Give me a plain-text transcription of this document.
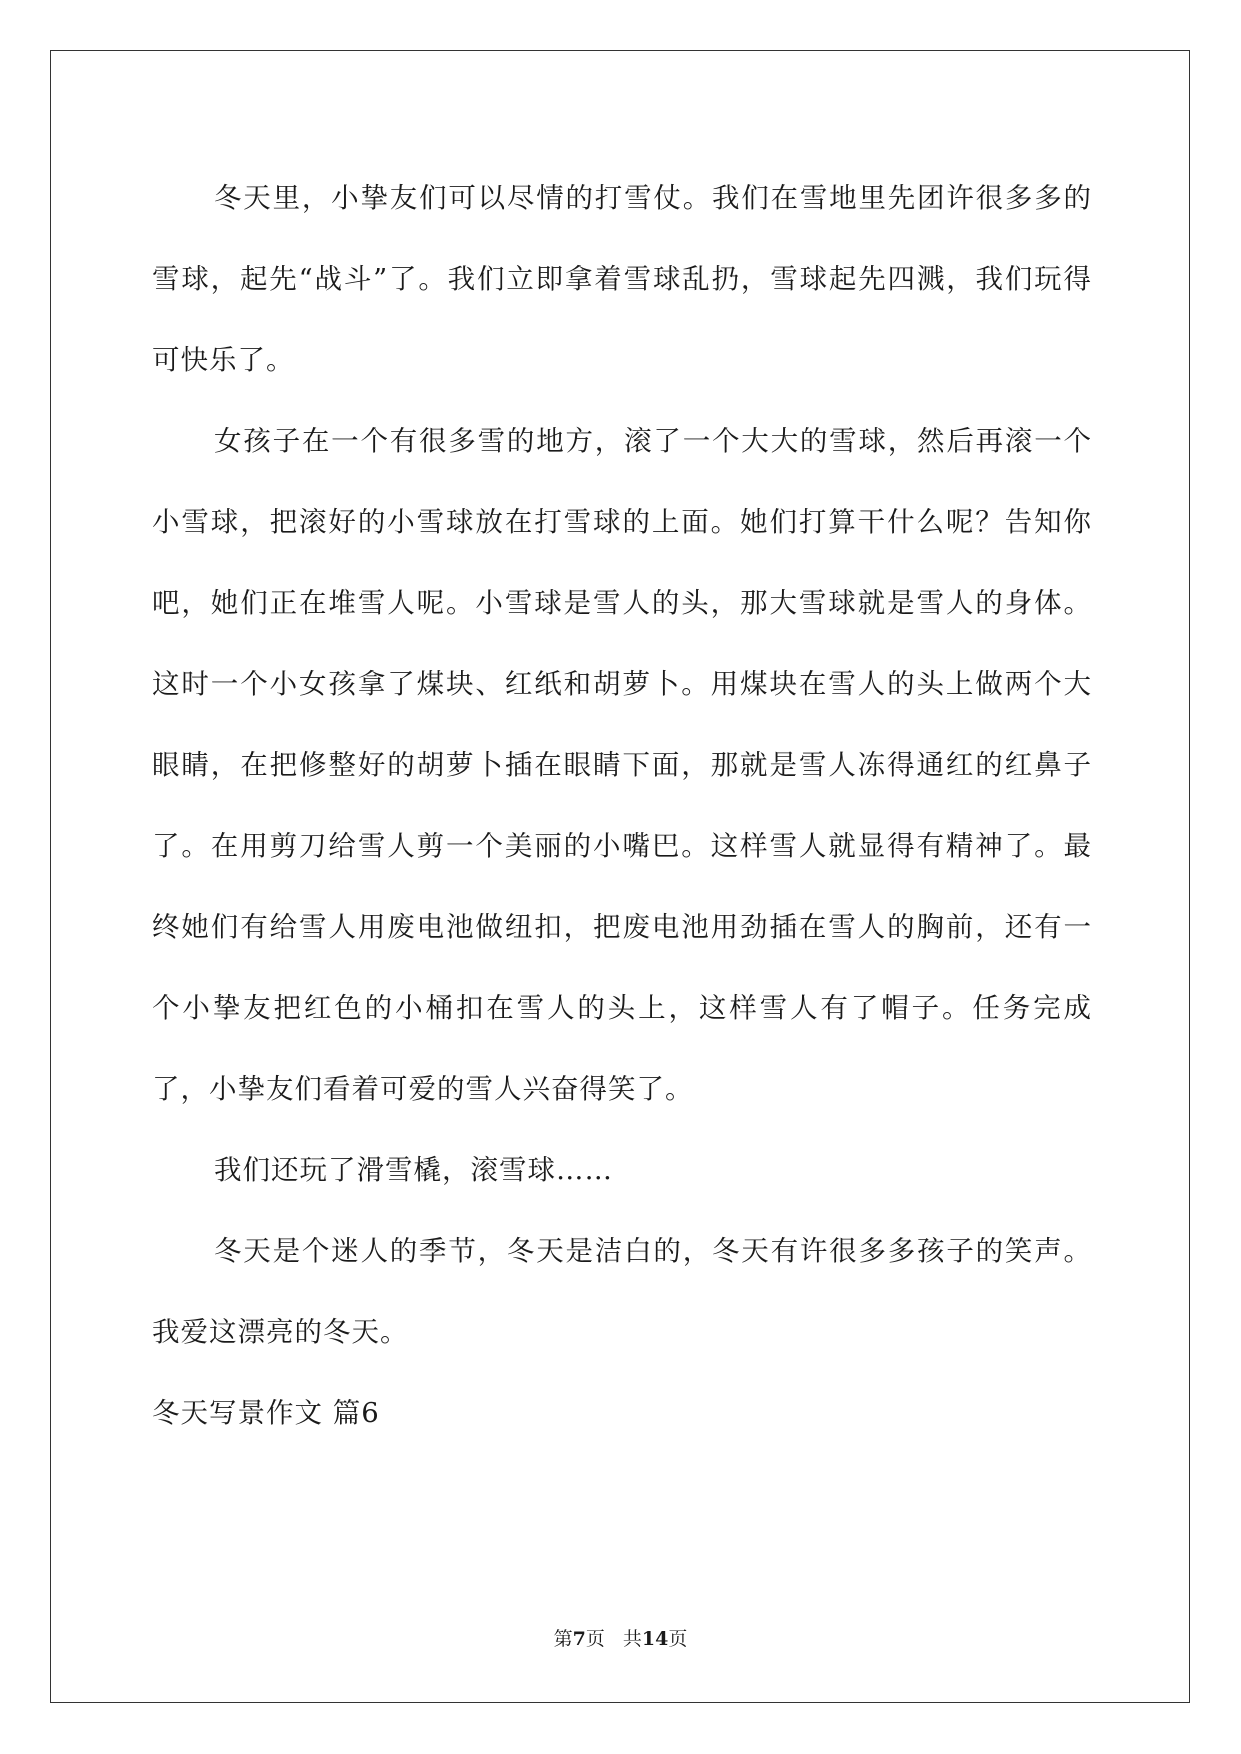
冬天里，小挚友们可以尽情的打雪仗。我们在雪地里先团许很多多的雪球，起先“战斗”了。我们立即拿着雪球乱扔，雪球起先四溅，我们玩得可快乐了。

女孩子在一个有很多雪的地方，滚了一个大大的雪球，然后再滚一个小雪球，把滚好的小雪球放在打雪球的上面。她们打算干什么呢？告知你吧，她们正在堆雪人呢。小雪球是雪人的头，那大雪球就是雪人的身体。这时一个小女孩拿了煤块、红纸和胡萝卜。用煤块在雪人的头上做两个大眼睛，在把修整好的胡萝卜插在眼睛下面，那就是雪人冻得通红的红鼻子了。在用剪刀给雪人剪一个美丽的小嘴巴。这样雪人就显得有精神了。最终她们有给雪人用废电池做纽扣，把废电池用劲插在雪人的胸前，还有一个小挚友把红色的小桶扣在雪人的头上，这样雪人有了帽子。任务完成了，小挚友们看着可爱的雪人兴奋得笑了。

我们还玩了滑雪橇，滚雪球……

冬天是个迷人的季节，冬天是洁白的，冬天有许很多多孩子的笑声。我爱这漂亮的冬天。

冬天写景作文 篇6

第7页 共14页
